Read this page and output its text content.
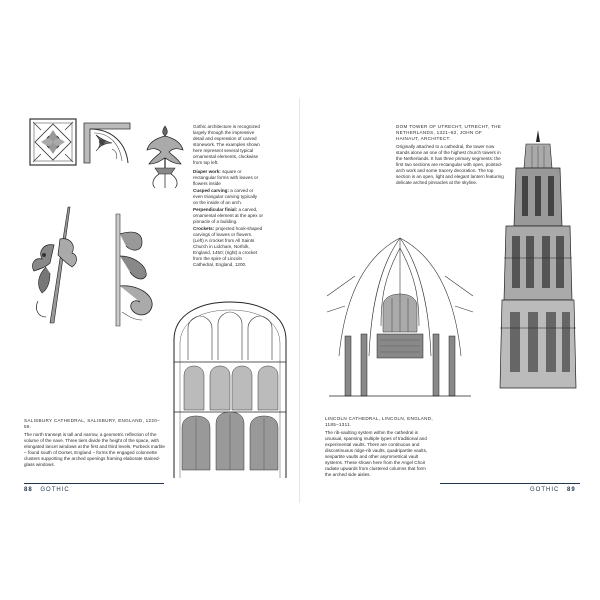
Gothic architecture is recognized largely through the impressive detail and expression of carved stonework. The examples shown here represent several typical ornamental elements, clockwise from top left.

Diaper work: square or rectangular forms with leaves or flowers inside

Cusped carving: a carved or even triangular carving typically on the inside of an arch.

Perpendicular finial: a carved, ornamental element at the apex or pinnacle of a building.

Crockets: projected hook-shaped carvings of leaves or flowers. (Left) A crocket from All Saints Church in Lidcham, Norfolk, England, 1450; (right) a crocket from the spire of Lincoln Cathedral, England, 1200.

SALISBURY CATHEDRAL, SALISBURY, ENGLAND, 1220–58.
The north transept is tall and narrow, a geometric reflection of the volume of the nave. Three tiers divide the height of the space, with elongated lancet windows at the first and third levels. Purbeck marble – found south of Dorset, England – forms the engaged colonnette clusters supporting the arched openings framing elaborate stained-glass windows.
88 GOTHIC
DOM TOWER OF UTRECHT, UTRECHT, THE NETHERLANDS, 1321–82, JOHN OF HAINAUT, ARCHITECT.
Originally attached to a cathedral, the tower now stands alone as one of the highest church towers in the Netherlands. It has three primary segments: the first two sections are rectangular with open, pointed-arch work and some tracery decoration. The top section is an open, light and elegant lantern featuring delicate arched pinnacles at the skyline.
LINCOLN CATHEDRAL, LINCOLN, ENGLAND, 1185–1311.
The rib-vaulting system within the cathedral is unusual, spanning multiple types of traditional and experimental vaults. There are continuous and discontinuous ridge-rib vaults, quadripartite vaults, sexpartite vaults and other asymmetrical vault systems. These shown here from the Angel Choir radiate upwards from clustered columns that form the arched side aisles.
GOTHIC 89
